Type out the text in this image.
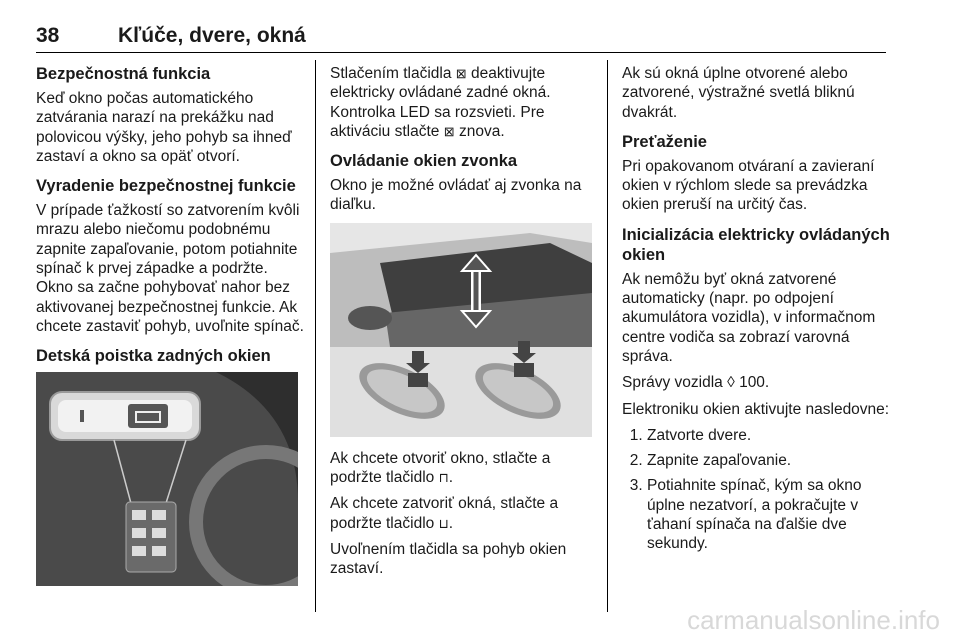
38	Kľúče, dvere, okná
Bezpečnostná funkcia

Keď okno počas automatického zatvárania narazí na prekážku nad polovicou výšky, jeho pohyb sa ihneď zastaví a okno sa opäť otvorí.

Vyradenie bezpečnostnej funkcie

V prípade ťažkostí so zatvorením kvôli mrazu alebo niečomu podobnému zapnite zapaľovanie, potom potiahnite spínač k prvej západke a podržte. Okno sa začne pohybovať nahor bez aktivovanej bezpečnostnej funkcie. Ak chcete zastaviť pohyb, uvoľnite spínač.

Detská poistka zadných okien

Stlačením tlačidla ⊠ deaktivujte elektricky ovládané zadné okná. Kontrolka LED sa rozsvieti. Pre aktiváciu stlačte ⊠ znova.

Ovládanie okien zvonka

Okno je možné ovládať aj zvonka na diaľku.

Ak chcete otvoriť okno, stlačte a podržte tlačidlo ⊓.

Ak chcete zatvoriť okná, stlačte a podržte tlačidlo ⊔.

Uvoľnením tlačidla sa pohyb okien zastaví.

Ak sú okná úplne otvorené alebo zatvorené, výstražné svetlá bliknú dvakrát.

Preťaženie

Pri opakovanom otváraní a zavieraní okien v rýchlom slede sa prevádzka okien preruší na určitý čas.

Inicializácia elektricky ovládaných okien

Ak nemôžu byť okná zatvorené automaticky (napr. po odpojení akumulátora vozidla), v informačnom centre vodiča sa zobrazí varovná správa.

Správy vozidla ◊ 100.

Elektroniku okien aktivujte nasledovne:

1. Zatvorte dvere.
2. Zapnite zapaľovanie.
3. Potiahnite spínač, kým sa okno úplne nezatvorí, a pokračujte v ťahaní spínača na ďalšie dve sekundy.
carmanualsonline.info
